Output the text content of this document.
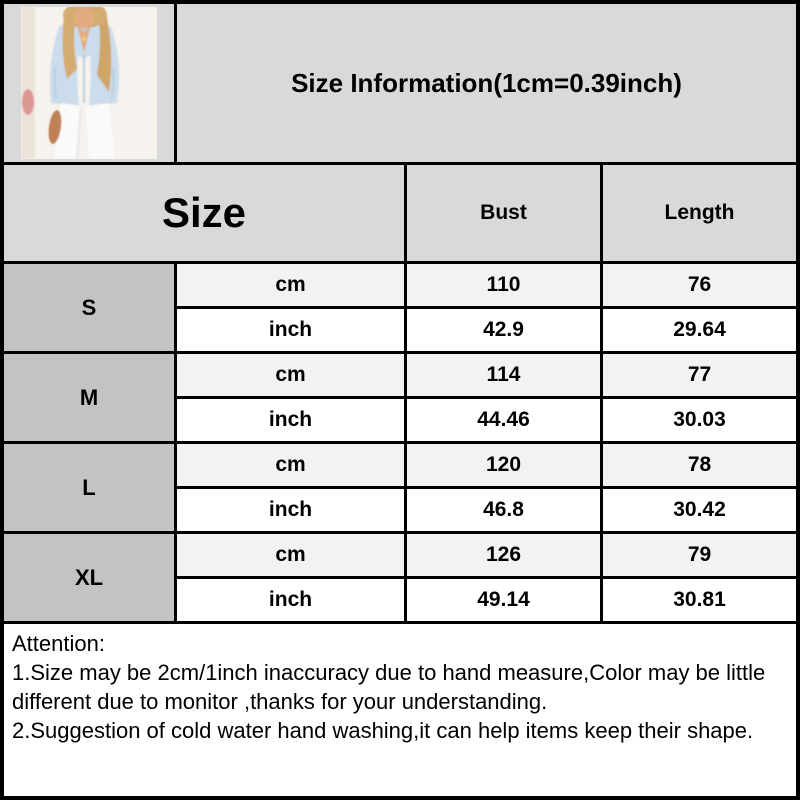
Size Information(1cm=0.39inch)
Size	Bust	Length
S
cm	110	76
inch	42.9	29.64
M
cm	114	77
inch	44.46	30.03
L
cm	120	78
inch	46.8	30.42
XL
cm	126	79
inch	49.14	30.81
Attention:
1.Size may be 2cm/1inch inaccuracy due to hand measure,Color may be little different due to monitor ,thanks for your understanding.
2.Suggestion of cold water hand washing,it can help items keep their shape.
